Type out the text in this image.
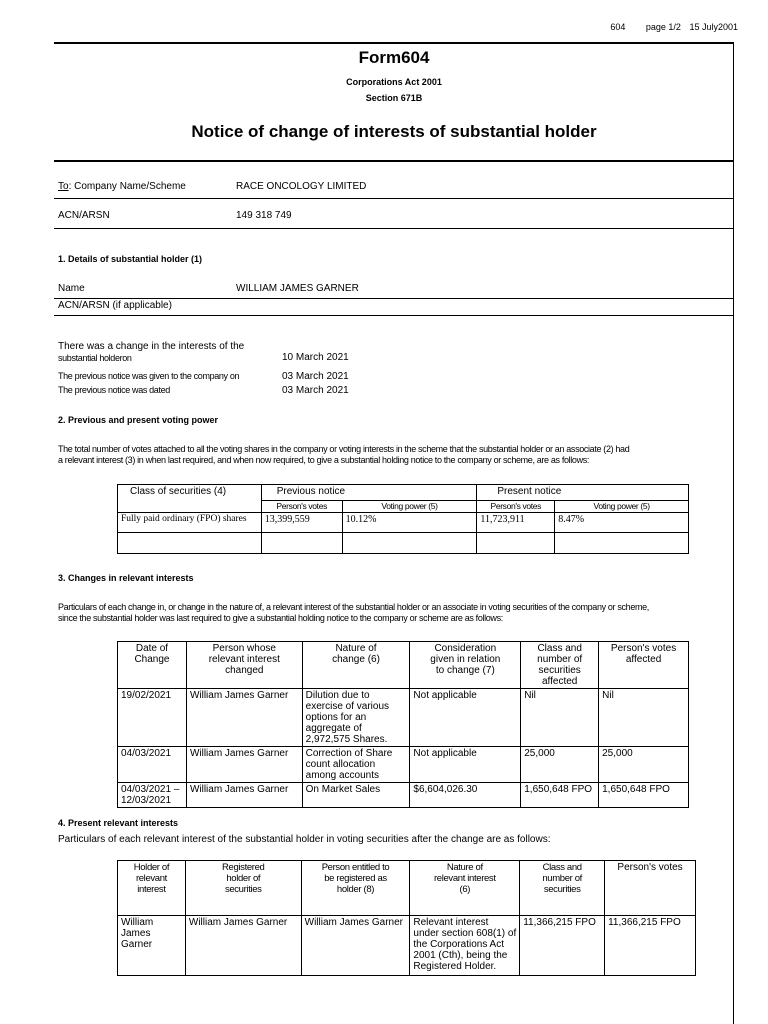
604 page 1/2 15 July2001
Form604
Corporations Act 2001
Section 671B
Notice of change of interests of substantial holder
To: Company Name/Scheme	RACE ONCOLOGY LIMITED
ACN/ARSN	149 318 749
1. Details of substantial holder (1)
Name	WILLIAM JAMES GARNER
ACN/ARSN (if applicable)
There was a change in the interests of the
substantial holderon	10 March 2021
The previous notice was given to the company on	03 March 2021
The previous notice was dated	03 March 2021
2. Previous and present voting power
The total number of votes attached to all the voting shares in the company or voting interests in the scheme that the substantial holder or an associate (2) had
a relevant interest (3) in when last required, and when now required, to give a substantial holding notice to the company or scheme, are as follows:
Class of securities (4)	Previous notice		Present notice	
	Person's votes	Voting power (5)	Person's votes	Voting power (5)
Fully paid ordinary (FPO) shares	13,399,559	10.12%	11,723,911	8.47%

3. Changes in relevant interests
Particulars of each change in, or change in the nature of, a relevant interest of the substantial holder or an associate in voting securities of the company or scheme,
since the substantial holder was last required to give a substantial holding notice to the company or scheme are as follows:
Date of
Change	Person whose
relevant interest
changed	Nature of
change (6)	Consideration
given in relation
to change (7)	Class and
number of
securities
affected	Person's votes
affected
19/02/2021	William James Garner	Dilution due to exercise of various options for an aggregate of 2,972,575 Shares.	Not applicable	Nil	Nil
04/03/2021	William James Garner	Correction of Share count allocation among accounts	Not applicable	25,000	25,000
04/03/2021 –
12/03/2021	William James Garner	On Market Sales	$6,604,026.30	1,650,648 FPO	1,650,648 FPO
4. Present relevant interests
Particulars of each relevant interest of the substantial holder in voting securities after the change are as follows:
Holder of
relevant
interest	Registered
holder of
securities	Person entitled to
be registered as
holder (8)	Nature of
relevant interest
(6)	Class and
number of
securities	Person's votes
William
James Garner	William James Garner	William James Garner	Relevant interest under section 608(1) of the Corporations Act 2001 (Cth), being the Registered Holder.	11,366,215 FPO	11,366,215 FPO
